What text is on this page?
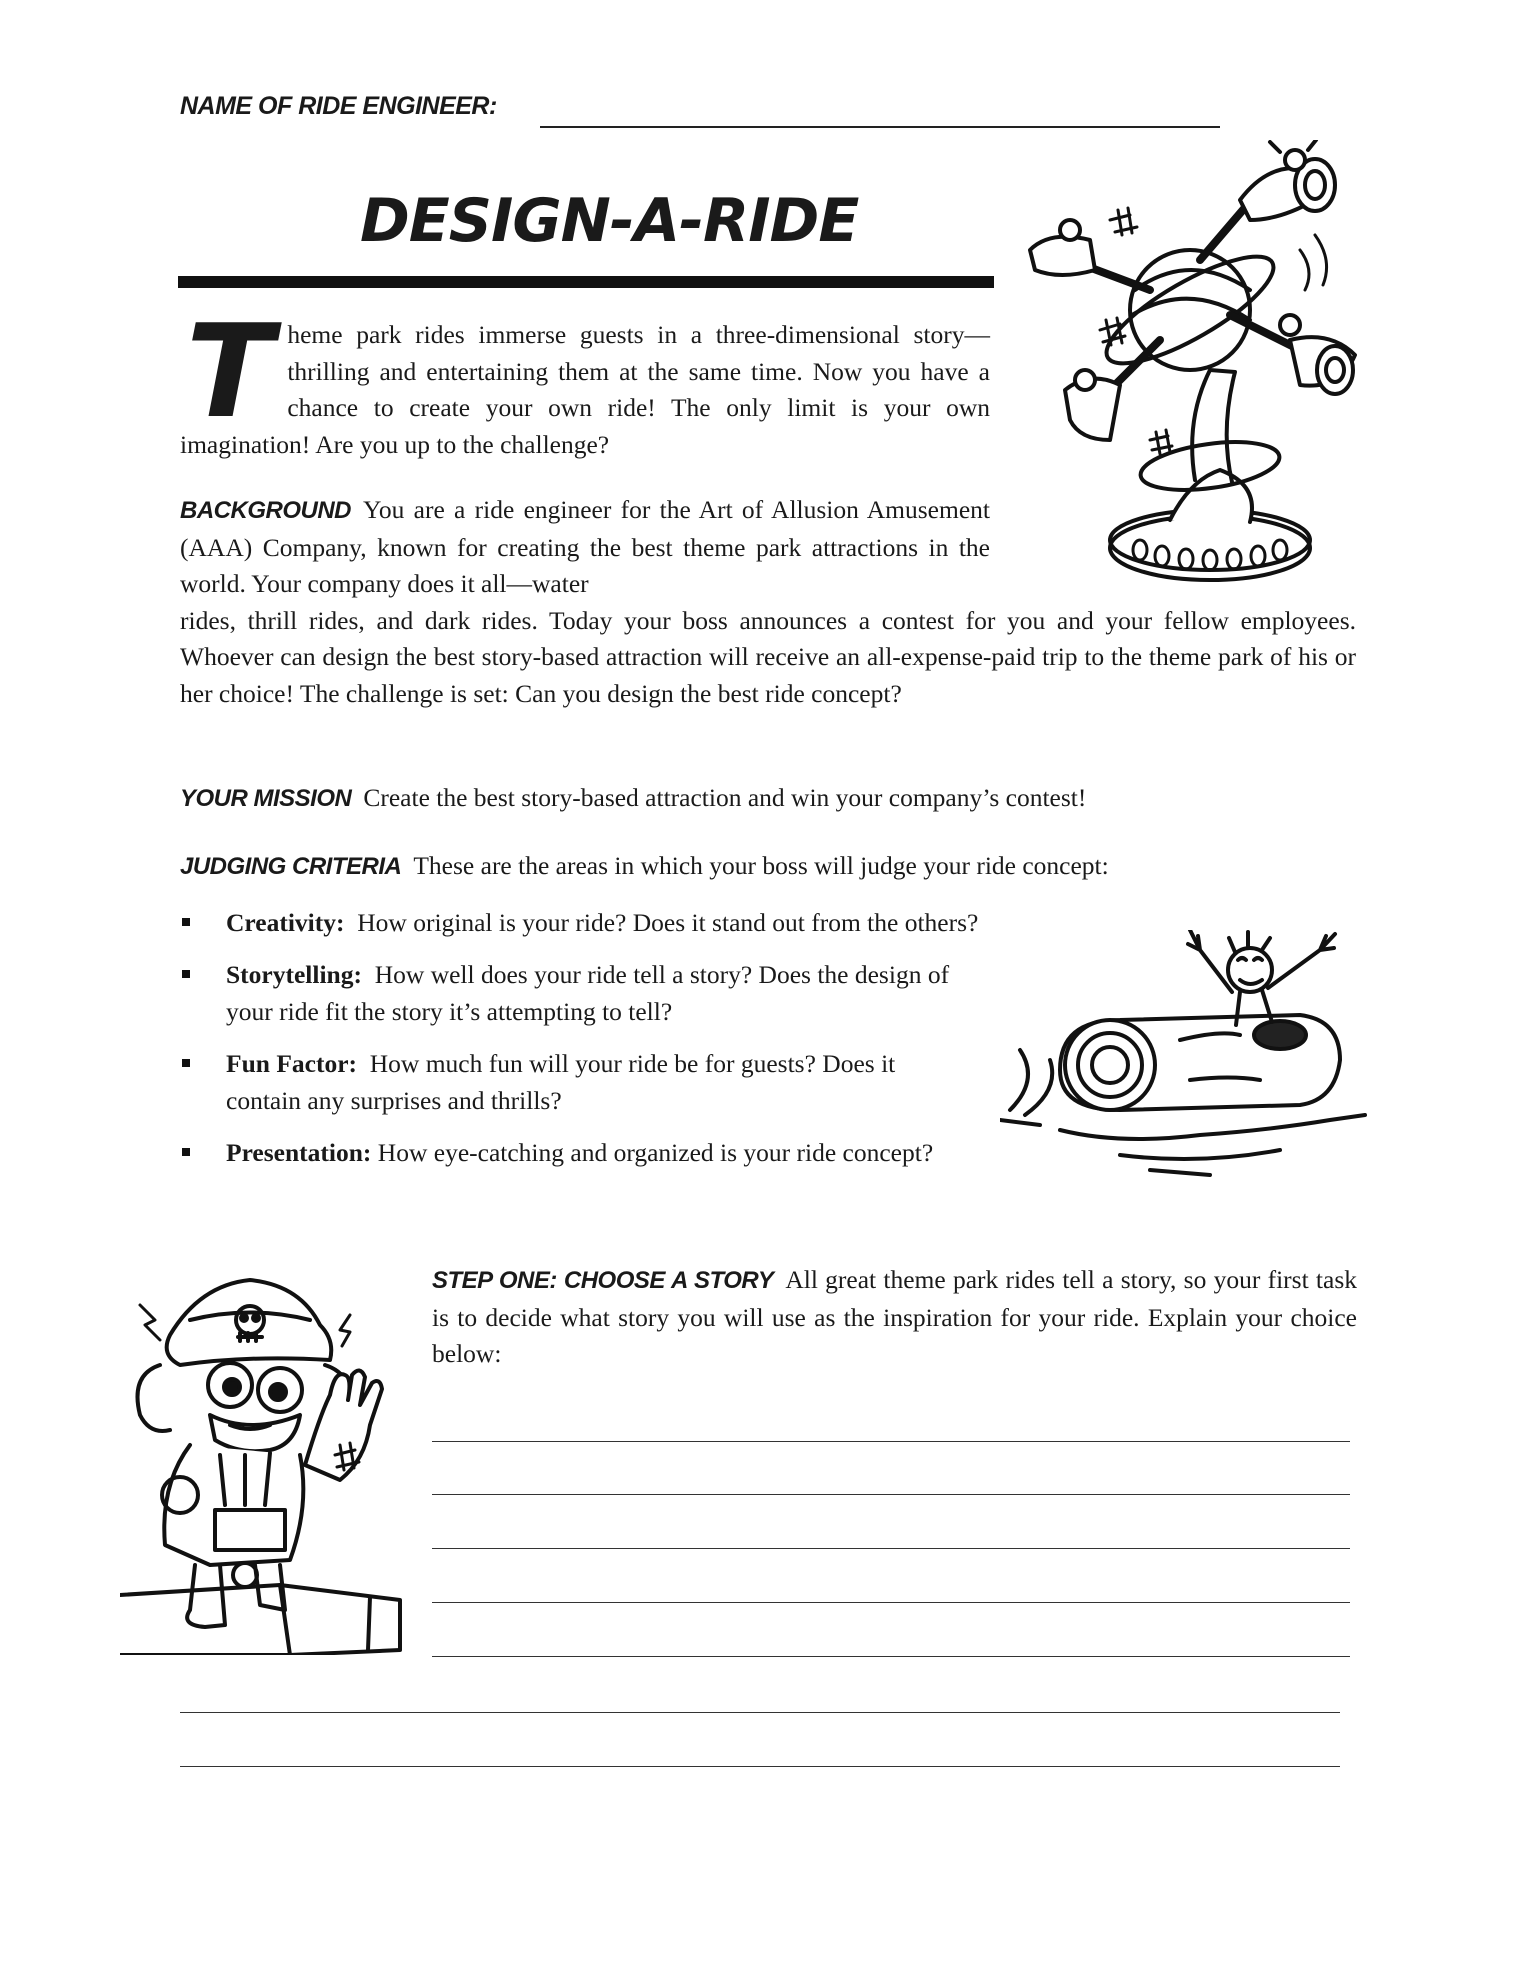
NAME OF RIDE ENGINEER:
DESIGN-A-RIDE
T heme park rides immerse guests in a three-dimensional story—thrilling and entertaining them at the same time. Now you have a chance to create your own ride! The only limit is your own imagination! Are you up to the challenge?
BACKGROUND You are a ride engineer for the Art of Allusion Amusement (AAA) Company, known for creating the best theme park attractions in the world. Your company does it all—water
rides, thrill rides, and dark rides. Today your boss announces a contest for you and your fellow employees. Whoever can design the best story-based attraction will receive an all-expense-paid trip to the theme park of his or her choice! The challenge is set: Can you design the best ride concept?
YOUR MISSION Create the best story-based attraction and win your company’s contest!
JUDGING CRITERIA These are the areas in which your boss will judge your ride concept:
Creativity: How original is your ride? Does it stand out from the others?
Storytelling: How well does your ride tell a story? Does the design of your ride fit the story it’s attempting to tell?
Fun Factor: How much fun will your ride be for guests? Does it contain any surprises and thrills?
Presentation: How eye-catching and organized is your ride concept?
STEP ONE: CHOOSE A STORY All great theme park rides tell a story, so your first task is to decide what story you will use as the inspiration for your ride. Explain your choice below:
